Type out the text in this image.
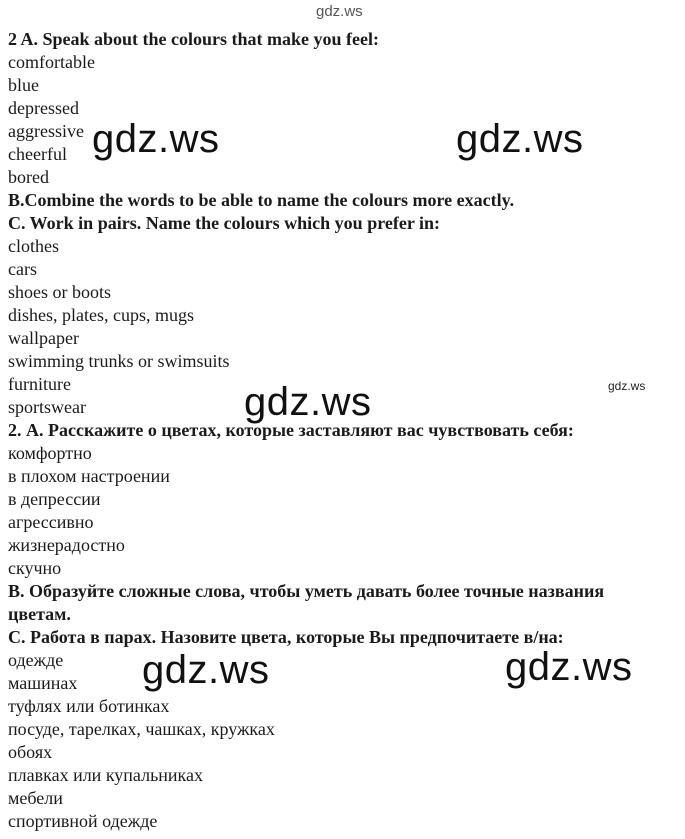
2 A. Speak about the colours that make you feel:
comfortable
blue
depressed
aggressive
cheerful
bored
B.Combine the words to be able to name the colours more exactly.
C. Work in pairs. Name the colours which you prefer in:
clothes
cars
shoes or boots
dishes, plates, cups, mugs
wallpaper
swimming trunks or swimsuits
furniture
sportswear
2. А. Расскажите о цветах, которые заставляют вас чувствовать себя:
комфортно
в плохом настроении
в депрессии
агрессивно
жизнерадостно
скучно
В. Образуйте сложные слова, чтобы уметь давать более точные названия
цветам.
С. Работа в парах. Назовите цвета, которые Вы предпочитаете в/на:
одежде
машинах
туфлях или ботинках
посуде, тарелках, чашках, кружках
обоях
плавках или купальниках
мебели
спортивной одежде
gdz.ws
gdz.ws	gdz.ws
gdz.ws	gdz.ws
gdz.ws	gdz.ws
